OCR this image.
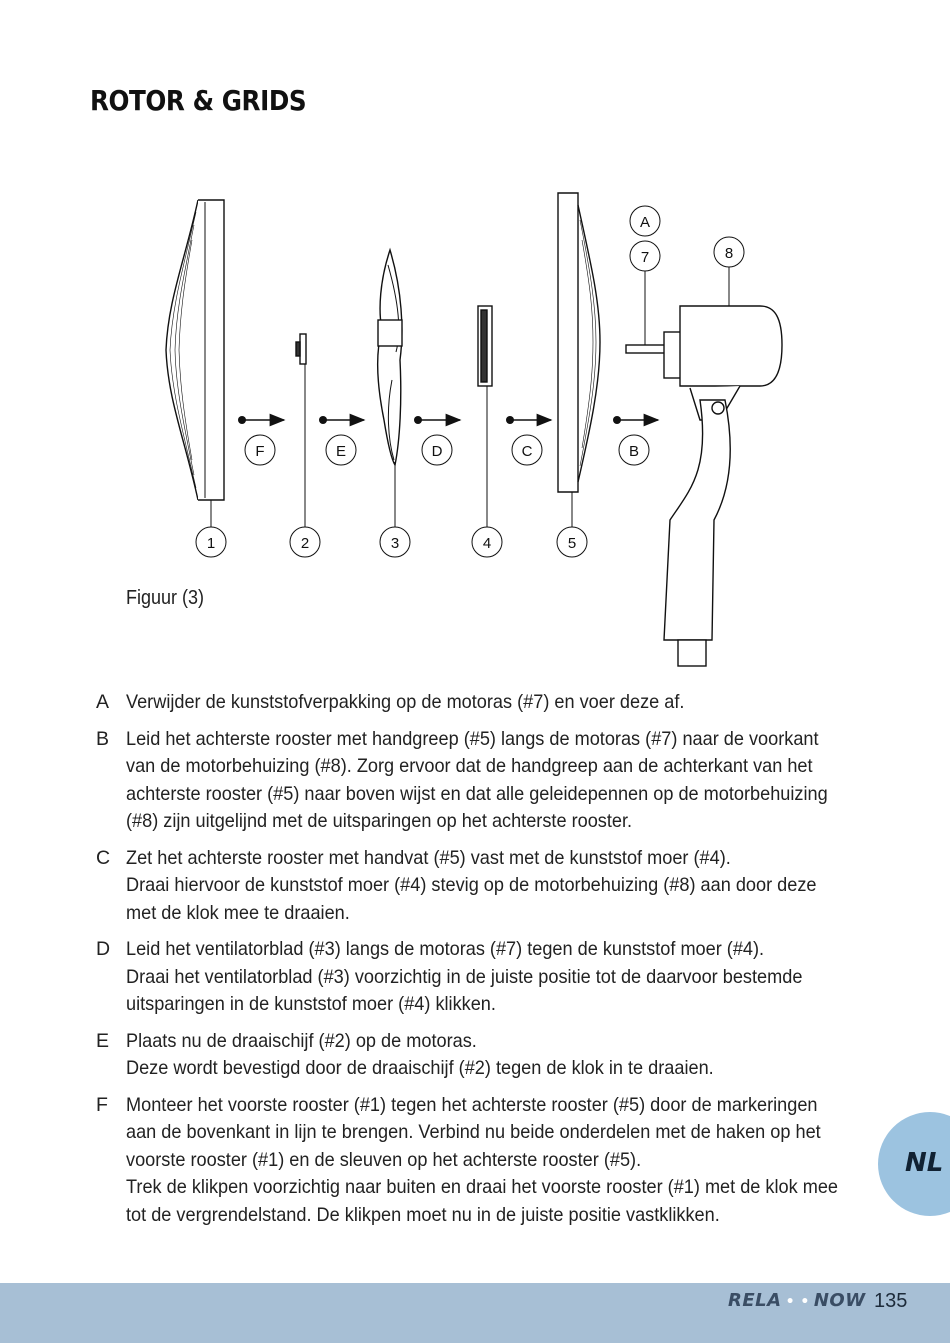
ROTOR & GRIDS
F	E	D	C	B
A
1	2	3	4	5
7	8
Figuur (3)
A Verwijder de kunststofverpakking op de motoras (#7) en voer deze af.
B Leid het achterste rooster met handgreep (#5) langs de motoras (#7) naar de voorkant
van de motorbehuizing (#8). Zorg ervoor dat de handgreep aan de achterkant van het
achterste rooster (#5) naar boven wijst en dat alle geleidepennen op de motorbehuizing
(#8) zijn uitgelijnd met de uitsparingen op het achterste rooster.
C Zet het achterste rooster met handvat (#5) vast met de kunststof moer (#4).
Draai hiervoor de kunststof moer (#4) stevig op de motorbehuizing (#8) aan door deze
met de klok mee te draaien.
D Leid het ventilatorblad (#3) langs de motoras (#7) tegen de kunststof moer (#4).
Draai het ventilatorblad (#3) voorzichtig in de juiste positie tot de daarvoor bestemde
uitsparingen in de kunststof moer (#4) klikken.
E Plaats nu de draaischijf (#2) op de motoras.
Deze wordt bevestigd door de draaischijf (#2) tegen de klok in te draaien.
F Monteer het voorste rooster (#1) tegen het achterste rooster (#5) door de markeringen
aan de bovenkant in lijn te brengen. Verbind nu beide onderdelen met de haken op het
voorste rooster (#1) en de sleuven op het achterste rooster (#5).
Trek de klikpen voorzichtig naar buiten en draai het voorste rooster (#1) met de klok mee
tot de vergrendelstand. De klikpen moet nu in de juiste positie vastklikken.
NL
RELA • • NOW 135
